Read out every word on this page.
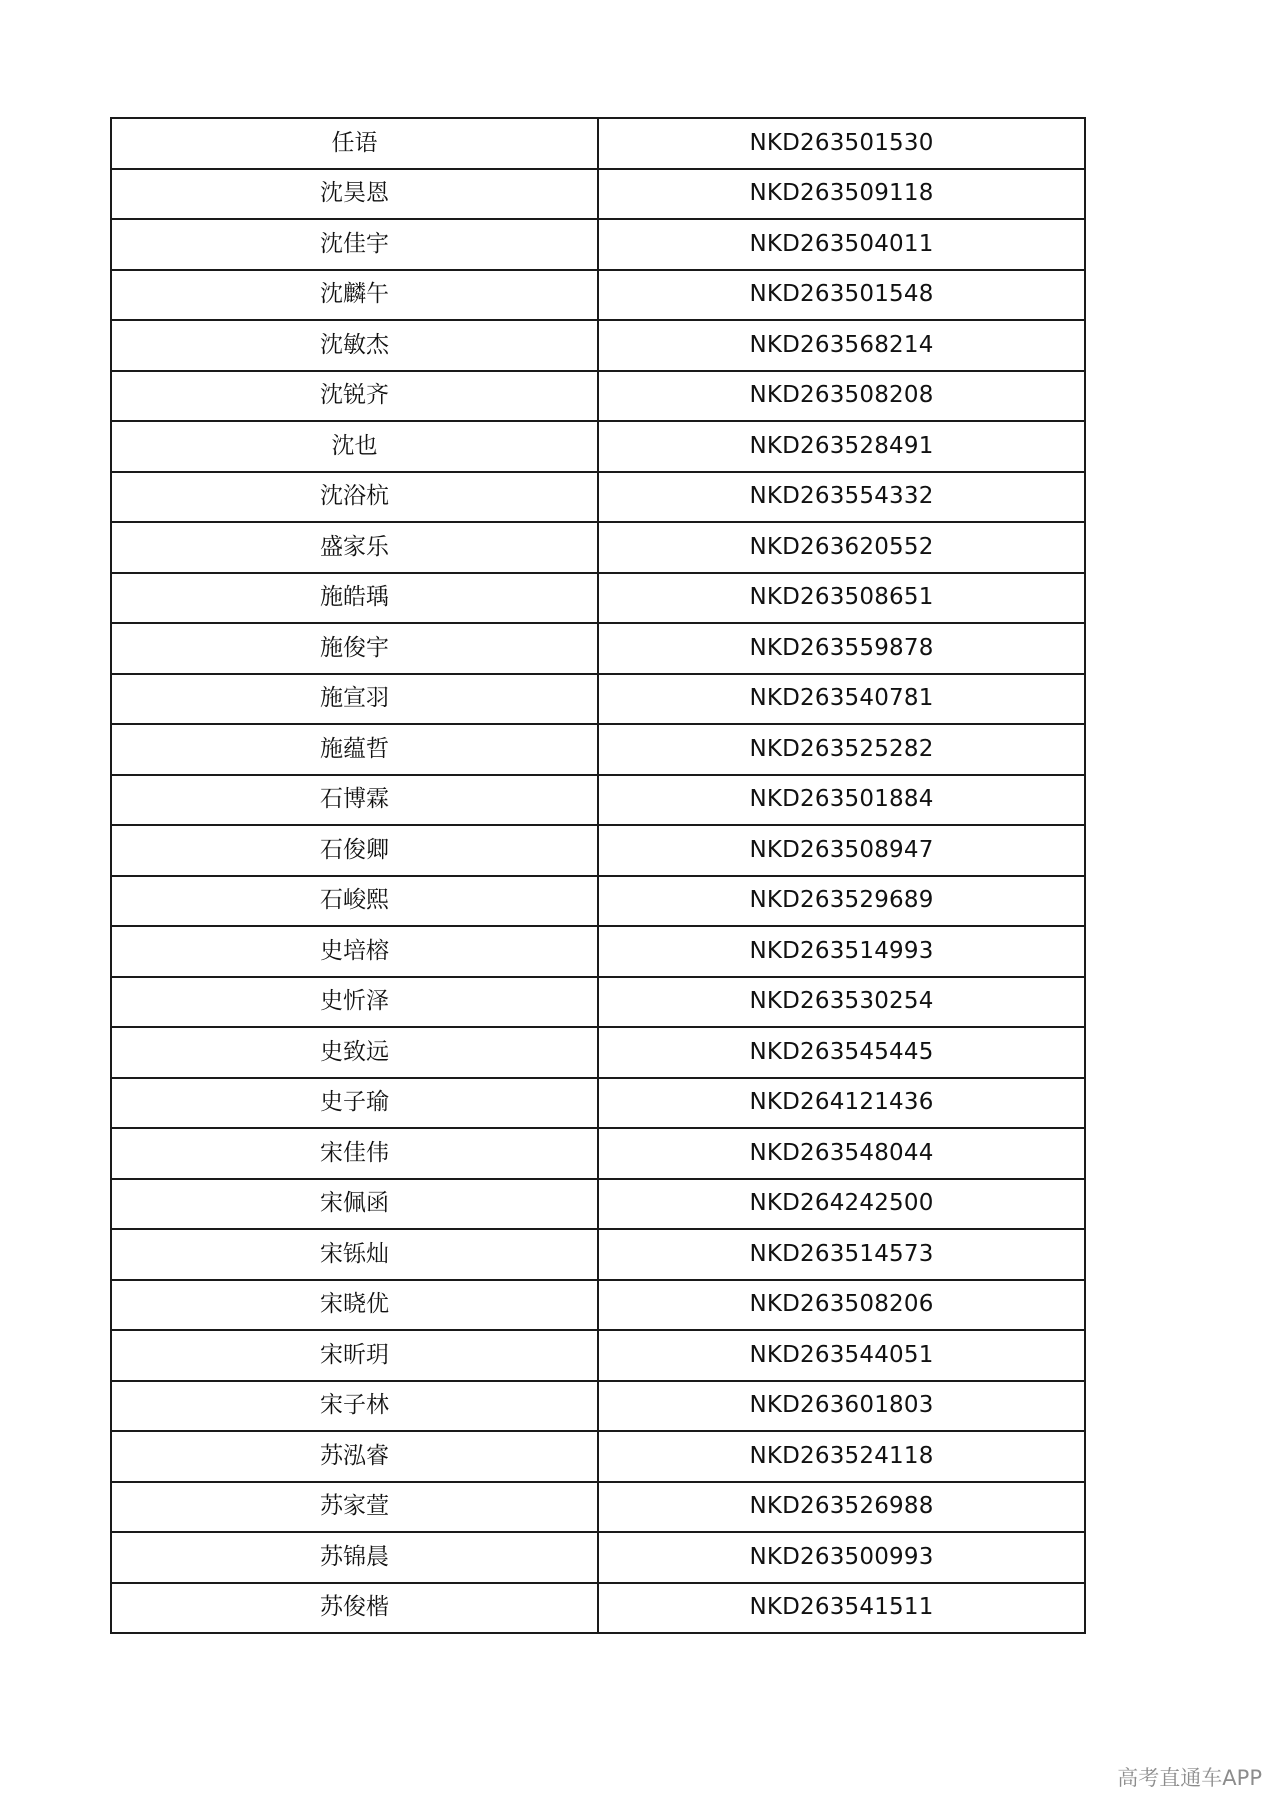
任语	NKD263501530
沈昊恩	NKD263509118
沈佳宇	NKD263504011
沈麟午	NKD263501548
沈敏杰	NKD263568214
沈锐齐	NKD263508208
沈也	NKD263528491
沈浴杭	NKD263554332
盛家乐	NKD263620552
施皓瑀	NKD263508651
施俊宇	NKD263559878
施宣羽	NKD263540781
施蕴哲	NKD263525282
石博霖	NKD263501884
石俊卿	NKD263508947
石峻熙	NKD263529689
史培榕	NKD263514993
史忻泽	NKD263530254
史致远	NKD263545445
史子瑜	NKD264121436
宋佳伟	NKD263548044
宋佩函	NKD264242500
宋铄灿	NKD263514573
宋晓优	NKD263508206
宋昕玥	NKD263544051
宋子林	NKD263601803
苏泓睿	NKD263524118
苏家萱	NKD263526988
苏锦晨	NKD263500993
苏俊楷	NKD263541511
高考直通车APP
